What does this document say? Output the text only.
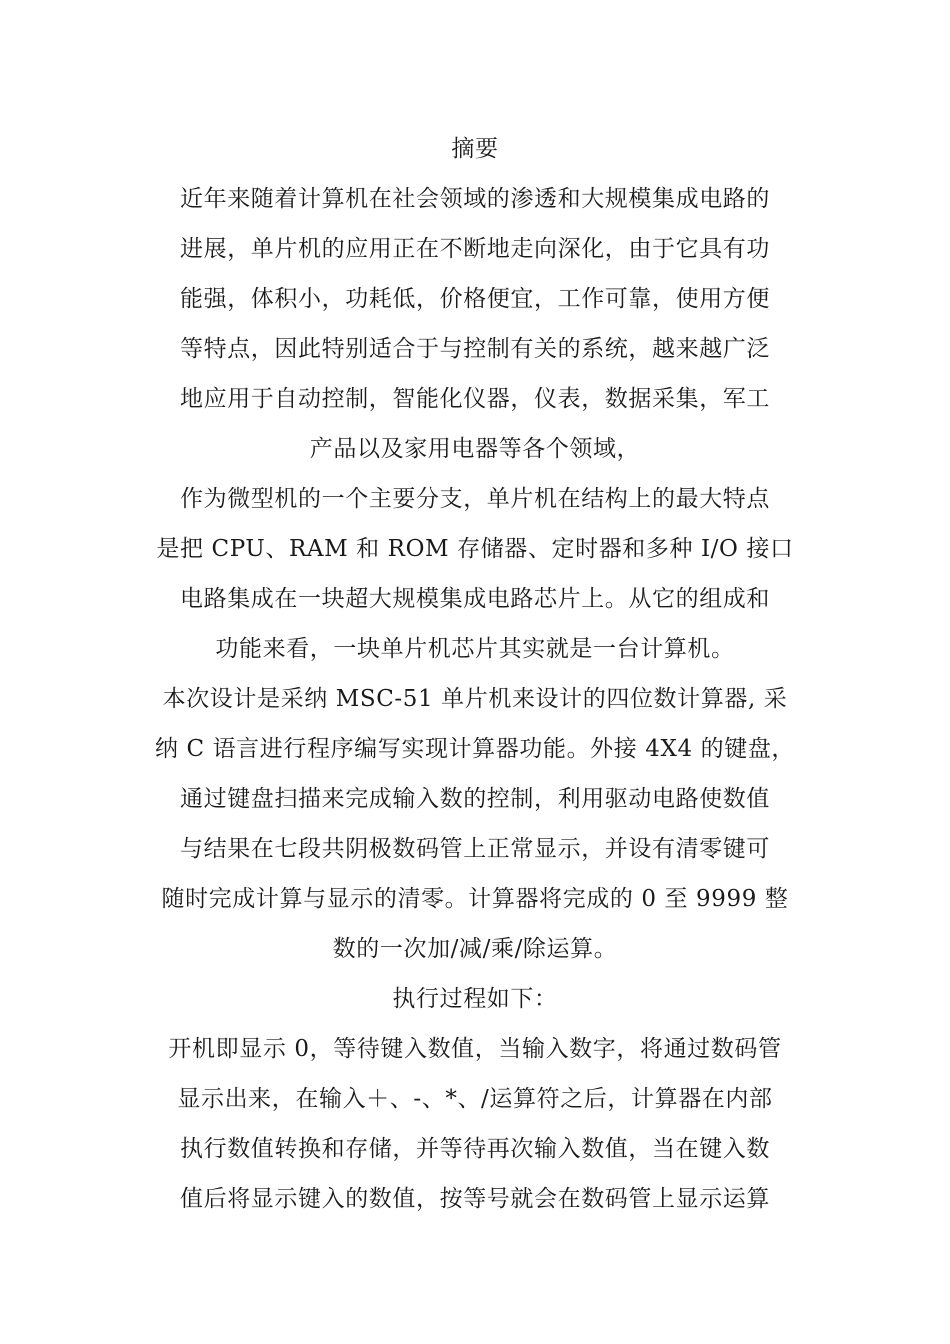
摘要
近年来随着计算机在社会领域的渗透和大规模集成电路的
进展，单片机的应用正在不断地走向深化，由于它具有功
能强，体积小，功耗低，价格便宜，工作可靠，使用方便
等特点，因此特别适合于与控制有关的系统，越来越广泛
地应用于自动控制，智能化仪器，仪表，数据采集，军工
产品以及家用电器等各个领域，
作为微型机的一个主要分支，单片机在结构上的最大特点
是把 CPU、RAM 和 ROM 存储器、定时器和多种 I/O 接口
电路集成在一块超大规模集成电路芯片上。从它的组成和
功能来看，一块单片机芯片其实就是一台计算机。
本次设计是采纳 MSC-51 单片机来设计的四位数计算器, 采
纳 C 语言进行程序编写实现计算器功能。外接 4X4 的键盘，
通过键盘扫描来完成输入数的控制，利用驱动电路使数值
与结果在七段共阴极数码管上正常显示，并设有清零键可
随时完成计算与显示的清零。计算器将完成的 0 至 9999 整
数的一次加/减/乘/除运算。
执行过程如下：
开机即显示 0，等待键入数值，当输入数字，将通过数码管
显示出来，在输入＋、-、*、/运算符之后，计算器在内部
执行数值转换和存储，并等待再次输入数值，当在键入数
值后将显示键入的数值，按等号就会在数码管上显示运算
